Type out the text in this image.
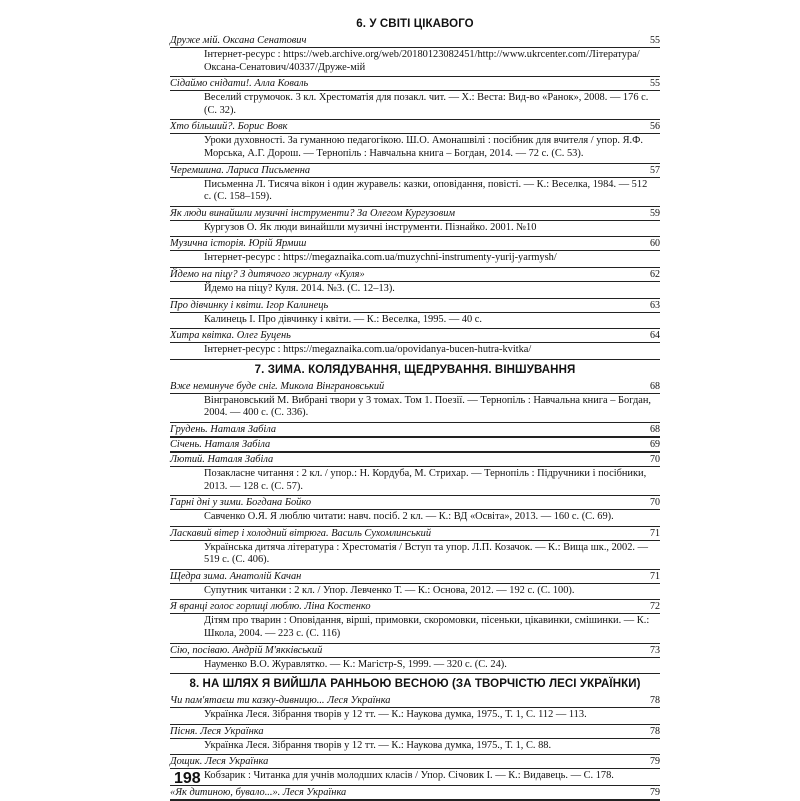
6. У СВІТІ ЦІКАВОГО
Друже мій. Оксана Сенатович	55
Інтернет-ресурс : https://web.archive.org/web/20180123082451/http://www.ukrcenter.com/Література/Оксана-Сенатович/40337/Друже-мій
Сідаймо снідати!. Алла Коваль	55
Веселий струмочок. 3 кл. Хрестоматія для позакл. чит. — Х.: Веста: Вид-во «Ранок», 2008. — 176 с. (С. 32).
Хто більший?. Борис Вовк	56
Уроки духовності. За гуманною педагогікою. Ш.О. Амонашвілі : посібник для вчителя / упор. Я.Ф. Морська, А.Г. Дорош. — Тернопіль : Навчальна книга – Богдан, 2014. — 72 с. (С. 53).
Черемшина. Лариса Письменна	57
Письменна Л. Тисяча вікон і один журавель: казки, оповідання, повісті. — К.: Веселка, 1984. — 512 с. (С. 158–159).
Як люди винайшли музичні інструменти? За Олегом Кургузовим	59
Кургузов О. Як люди винайшли музичні інструменти. Пізнайко. 2001. №10
Музична історія. Юрій Ярмиш	60
Інтернет-ресурс : https://megaznaika.com.ua/muzychni-instrumenty-yurij-yarmysh/
Йдемо на піцу? З дитячого журналу «Куля»	62
Йдемо на піцу? Куля. 2014. №3. (С. 12–13).
Про дівчинку і квіти. Ігор Калинець	63
Калинець І. Про дівчинку і квіти. — К.: Веселка, 1995. — 40 с.
Хитра квітка. Олег Буцень	64
Інтернет-ресурс : https://megaznaika.com.ua/opovidanya-bucen-hutra-kvitka/
7. ЗИМА. КОЛЯДУВАННЯ, ЩЕДРУВАННЯ. ВІНШУВАННЯ
Вже неминуче буде сніг. Микола Вінграновський	68
Вінграновський М. Вибрані твори у 3 томах. Том 1. Поезії. — Тернопіль : Навчальна книга – Богдан, 2004. — 400 с. (С. 336).
Грудень. Наталя Забіла	68
Січень. Наталя Забіла	69
Лютий. Наталя Забіла	70
Позакласне читання : 2 кл. / упор.: Н. Кордуба, М. Стрихар. — Тернопіль : Підручники і посібники, 2013. — 128 с. (С. 57).
Гарні дні у зими. Богдана Бойко	70
Савченко О.Я. Я люблю читати: навч. посіб. 2 кл. — К.: ВД «Освіта», 2013. — 160 с. (С. 69).
Ласкавий вітер і холодний вітрюга. Василь Сухомлинський	71
Українська дитяча література : Хрестоматія / Вступ та упор. Л.П. Козачок. — К.: Вища шк., 2002. — 519 с. (С. 406).
Щедра зима. Анатолій Качан	71
Супутник читанки : 2 кл. / Упор. Левченко Т. — К.: Основа, 2012. — 192 с. (С. 100).
Я вранці голос горлиці люблю. Ліна Костенко	72
Дітям про тварин : Оповідання, вірші, примовки, скоромовки, пісеньки, цікавинки, смішинки. — К.: Школа, 2004. — 223 с. (С. 116)
Сію, посіваю. Андрій М'якківський	73
Науменко В.О. Журавлятко. — К.: Магістр-S, 1999. — 320 с. (С. 24).
8. НА ШЛЯХ Я ВИЙШЛА РАННЬОЮ ВЕСНОЮ (ЗА ТВОРЧІСТЮ ЛЕСІ УКРАЇНКИ)
Чи пам'ятаєш ти казку-дивницю... Леся Українка	78
Українка Леся. Зібрання творів у 12 тт. — К.: Наукова думка, 1975., Т. 1, С. 112 — 113.
Пісня. Леся Українка	78
Українка Леся. Зібрання творів у 12 тт. — К.: Наукова думка, 1975., Т. 1, С. 88.
Дощик. Леся Українка	79
Кобзарик : Читанка для учнів молодших класів / Упор. Січовик І. — К.: Видавець. — С. 178.
«Як дитиною, бувало...». Леся Українка	79
198
